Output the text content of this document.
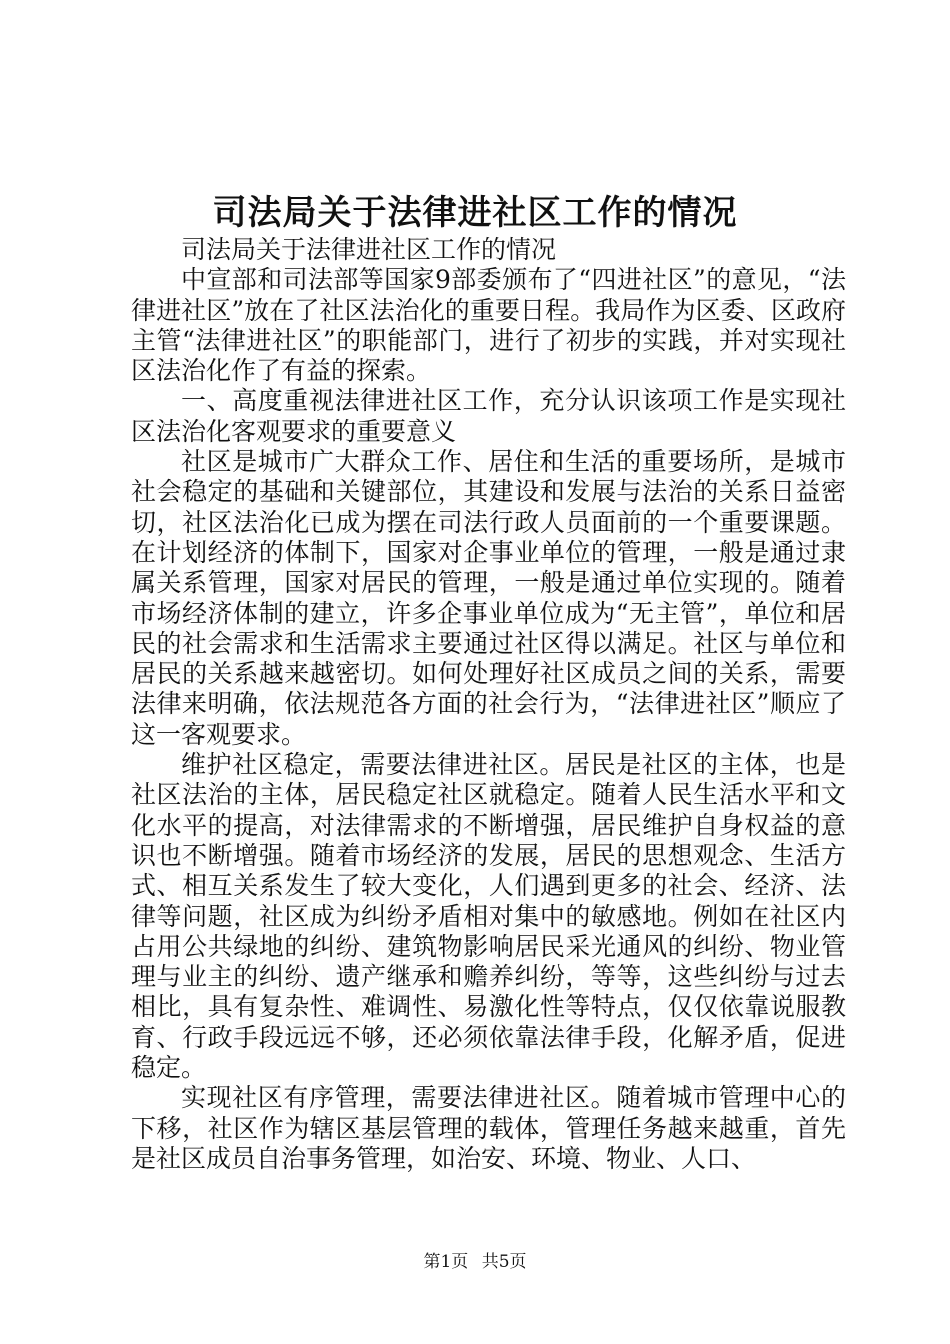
司法局关于法律进社区工作的情况

司法局关于法律进社区工作的情况

中宣部和司法部等国家9部委颁布了“四进社区”的意见，“法律进社区”放在了社区法治化的重要日程。我局作为区委、区政府主管“法律进社区”的职能部门，进行了初步的实践，并对实现社区法治化作了有益的探索。

一、高度重视法律进社区工作，充分认识该项工作是实现社区法治化客观要求的重要意义

社区是城市广大群众工作、居住和生活的重要场所，是城市社会稳定的基础和关键部位，其建设和发展与法治的关系日益密切，社区法治化已成为摆在司法行政人员面前的一个重要课题。在计划经济的体制下，国家对企事业单位的管理，一般是通过隶属关系管理，国家对居民的管理，一般是通过单位实现的。随着市场经济体制的建立，许多企事业单位成为“无主管”，单位和居民的社会需求和生活需求主要通过社区得以满足。社区与单位和居民的关系越来越密切。如何处理好社区成员之间的关系，需要法律来明确，依法规范各方面的社会行为，“法律进社区”顺应了这一客观要求。

维护社区稳定，需要法律进社区。居民是社区的主体，也是社区法治的主体，居民稳定社区就稳定。随着人民生活水平和文化水平的提高，对法律需求的不断增强，居民维护自身权益的意识也不断增强。随着市场经济的发展，居民的思想观念、生活方式、相互关系发生了较大变化，人们遇到更多的社会、经济、法律等问题，社区成为纠纷矛盾相对集中的敏感地。例如在社区内占用公共绿地的纠纷、建筑物影响居民采光通风的纠纷、物业管理与业主的纠纷、遗产继承和赡养纠纷，等等，这些纠纷与过去相比，具有复杂性、难调性、易激化性等特点，仅仅依靠说服教育、行政手段远远不够，还必须依靠法律手段，化解矛盾，促进稳定。

实现社区有序管理，需要法律进社区。随着城市管理中心的下移，社区作为辖区基层管理的载体，管理任务越来越重，首先是社区成员自治事务管理，如治安、环境、物业、人口、

第1页 共5页
